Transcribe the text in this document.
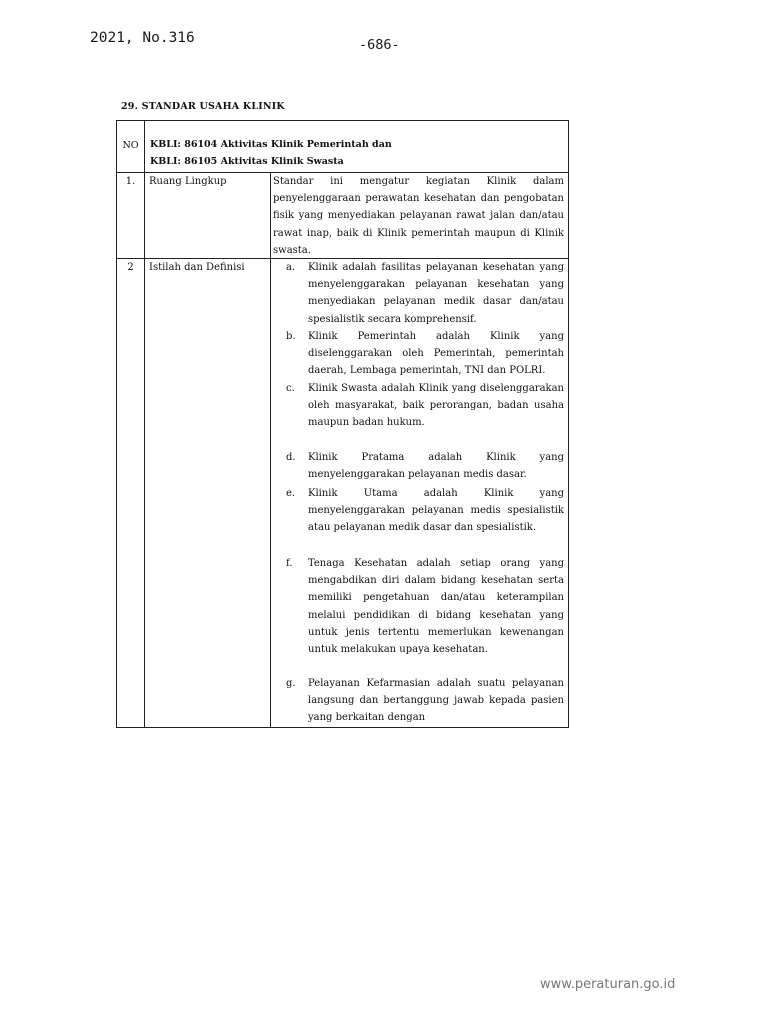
2021, No.316	-686-
29. STANDAR USAHA KLINIK
NO	KBLI: 86104 Aktivitas Klinik Pemerintah dan
KBLI: 86105 Aktivitas Klinik Swasta
1.	Ruang Lingkup	Standar ini mengatur kegiatan Klinik dalam penyelenggaraan perawatan kesehatan dan pengobatan fisik yang menyediakan pelayanan rawat jalan dan/atau rawat inap, baik di Klinik pemerintah maupun di Klinik swasta.
2	Istilah dan Definisi	a.	Klinik adalah fasilitas pelayanan kesehatan yang menyelenggarakan pelayanan kesehatan yang menyediakan pelayanan medik dasar dan/atau spesialistik secara komprehensif.
b.	Klinik Pemerintah adalah Klinik yang diselenggarakan oleh Pemerintah, pemerintah daerah, Lembaga pemerintah, TNI dan POLRI.
c.	Klinik Swasta adalah Klinik yang diselenggarakan oleh masyarakat, baik perorangan, badan usaha maupun badan hukum.
d.	Klinik Pratama adalah Klinik yang menyelenggarakan pelayanan medis dasar.
e.	Klinik Utama adalah Klinik yang menyelenggarakan pelayanan medis spesialistik atau pelayanan medik dasar dan spesialistik.
f.	Tenaga Kesehatan adalah setiap orang yang mengabdikan diri dalam bidang kesehatan serta memiliki pengetahuan dan/atau keterampilan melalui pendidikan di bidang kesehatan yang untuk jenis tertentu memerlukan kewenangan untuk melakukan upaya kesehatan.
g.	Pelayanan Kefarmasian adalah suatu pelayanan langsung dan bertanggung jawab kepada pasien yang berkaitan dengan
www.peraturan.go.id
